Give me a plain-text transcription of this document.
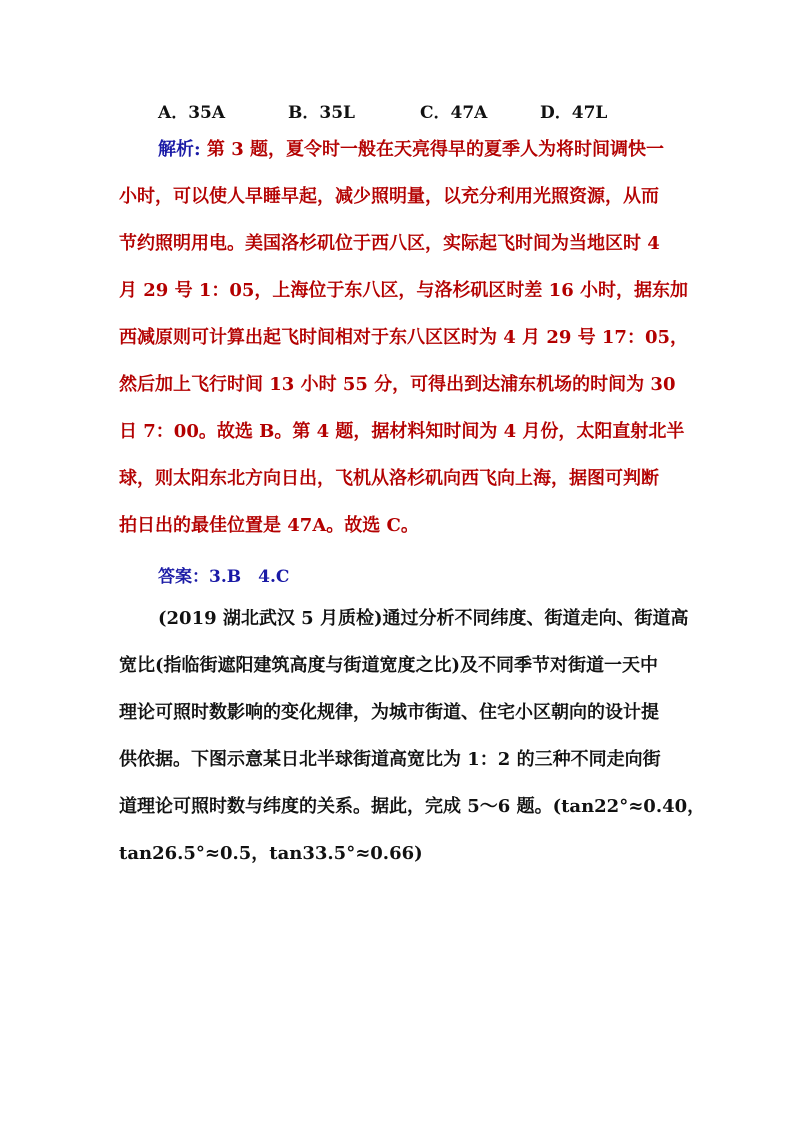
A．35A	B．35L	C．47A	D．47L
解析: 第 3 题，夏令时一般在天亮得早的夏季人为将时间调快一
小时，可以使人早睡早起，减少照明量，以充分利用光照资源，从而
节约照明用电。美国洛杉矶位于西八区，实际起飞时间为当地区时 4
月 29 号 1：05，上海位于东八区，与洛杉矶区时差 16 小时，据东加
西减原则可计算出起飞时间相对于东八区区时为 4 月 29 号 17：05，
然后加上飞行时间 13 小时 55 分，可得出到达浦东机场的时间为 30
日 7：00。故选 B。第 4 题，据材料知时间为 4 月份，太阳直射北半
球，则太阳东北方向日出，飞机从洛杉矶向西飞向上海，据图可判断
拍日出的最佳位置是 47A。故选 C。
答案：3.B　4.C
(2019 湖北武汉 5 月质检)通过分析不同纬度、街道走向、街道高
宽比(指临街遮阳建筑高度与街道宽度之比)及不同季节对街道一天中
理论可照时数影响的变化规律，为城市街道、住宅小区朝向的设计提
供依据。下图示意某日北半球街道高宽比为 1：2 的三种不同走向街
道理论可照时数与纬度的关系。据此，完成 5～6 题。(tan22°≈0.40，
tan26.5°≈0.5，tan33.5°≈0.66)
